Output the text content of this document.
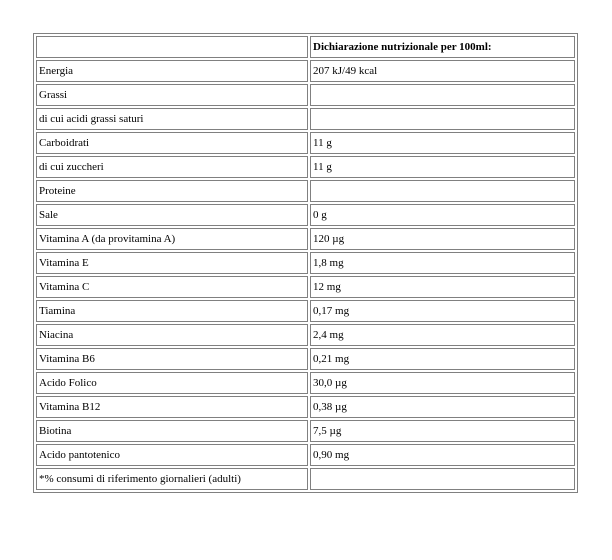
	Dichiarazione nutrizionale per 100ml:
Energia	207 kJ/49 kcal
Grassi	
di cui acidi grassi saturi	
Carboidrati	11 g
di cui zuccheri	11 g
Proteine	
Sale	0 g
Vitamina A (da provitamina A)	120 µg
Vitamina E	1,8 mg
Vitamina C	12 mg
Tiamina	0,17 mg
Niacina	2,4 mg
Vitamina B6	0,21 mg
Acido Folico	30,0 µg
Vitamina B12	0,38 µg
Biotina	7,5 µg
Acido pantotenico	0,90 mg
*% consumi di riferimento giornalieri (adulti)	
